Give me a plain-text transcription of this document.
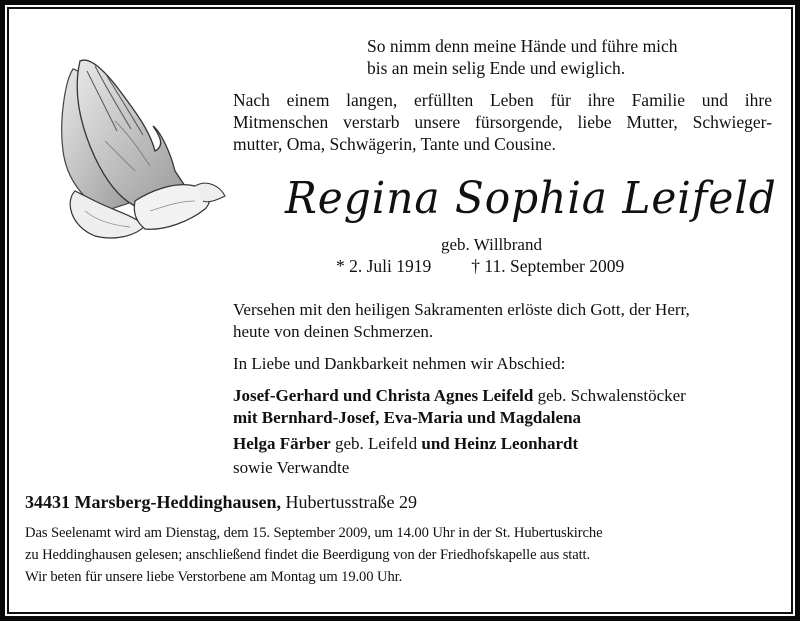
So nimm denn meine Hände und führe mich
bis an mein selig Ende und ewiglich.
Nach einem langen, erfüllten Leben für ihre Familie und ihre
Mitmenschen verstarb unsere fürsorgende, liebe Mutter, Schwieger-
mutter, Oma, Schwägerin, Tante und Cousine.
Regina Sophia Leifeld
geb. Willbrand
* 2. Juli 1919 † 11. September 2009
Versehen mit den heiligen Sakramenten erlöste dich Gott, der Herr,
heute von deinen Schmerzen.
In Liebe und Dankbarkeit nehmen wir Abschied:
Josef-Gerhard und Christa Agnes Leifeld geb. Schwalenstöcker
mit Bernhard-Josef, Eva-Maria und Magdalena
Helga Färber geb. Leifeld und Heinz Leonhardt
sowie Verwandte
34431 Marsberg-Heddinghausen, Hubertusstraße 29
Das Seelenamt wird am Dienstag, dem 15. September 2009, um 14.00 Uhr in der St. Hubertuskirche
zu Heddinghausen gelesen; anschließend findet die Beerdigung von der Friedhofskapelle aus statt.
Wir beten für unsere liebe Verstorbene am Montag um 19.00 Uhr.
